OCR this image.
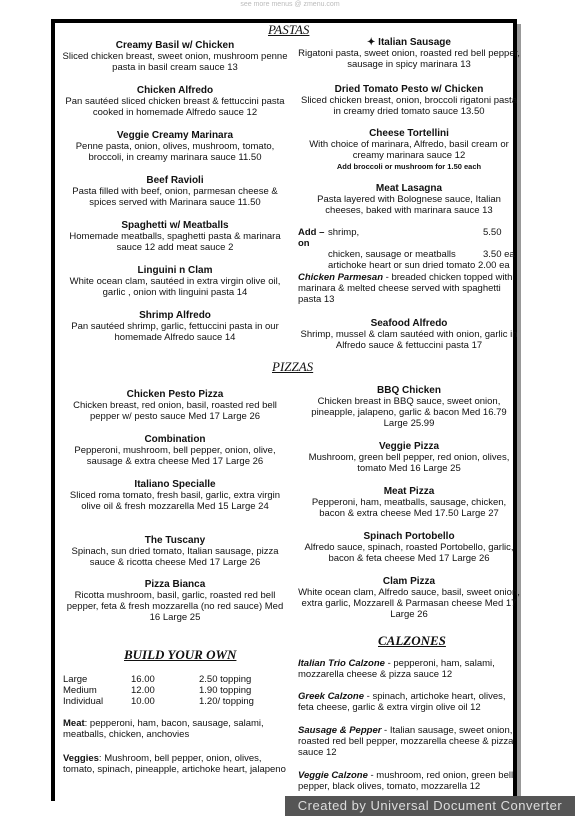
see more menus @ zmenu.com
PASTAS
Creamy Basil w/ Chicken
Sliced chicken breast, sweet onion, mushroom penne pasta in basil cream sauce 13
Chicken Alfredo
Pan sautéed sliced chicken breast & fettuccini pasta cooked in homemade Alfredo sauce 12
Veggie Creamy Marinara
Penne pasta, onion, olives, mushroom, tomato, broccoli, in creamy marinara sauce 11.50
Beef Ravioli
Pasta filled with beef, onion, parmesan cheese & spices served with Marinara sauce 11.50
Spaghetti w/ Meatballs
Homemade meatballs, spaghetti pasta & marinara sauce 12 add meat sauce 2
Linguini n Clam
White ocean clam, sautéed in extra virgin olive oil, garlic , onion with linguini pasta 14
Shrimp Alfredo
Pan sautéed shrimp, garlic, fettuccini pasta in our homemade Alfredo sauce 14
✦ Italian Sausage
Rigatoni pasta, sweet onion, roasted red bell pepper, sausage in spicy marinara 13
Dried Tomato Pesto w/ Chicken
Sliced chicken breast, onion, broccoli rigatoni pasta in creamy dried tomato sauce 13.50
Cheese Tortellini
With choice of marinara, Alfredo, basil cream or creamy marinara sauce 12
Add broccoli or mushroom for 1.50 each
Meat Lasagna
Pasta layered with Bolognese sauce, Italian cheeses, baked with marinara sauce 13
Add –on
shrimp,	5.50
chicken, sausage or meatballs	3.50 ea
artichoke heart or sun dried tomato 2.00 ea
Chicken Parmesan - breaded chicken topped with marinara & melted cheese served with spaghetti pasta 13
Seafood Alfredo
Shrimp, mussel & clam sautéed with onion, garlic in Alfredo sauce & fettuccini pasta 17
PIZZAS
Chicken Pesto Pizza
Chicken breast, red onion, basil, roasted red bell pepper w/ pesto sauce Med 17 Large 26
Combination
Pepperoni, mushroom, bell pepper, onion, olive, sausage & extra cheese Med 17 Large 26
Italiano Specialle
Sliced roma tomato, fresh basil, garlic, extra virgin olive oil & fresh mozzarella Med 15 Large 24
The Tuscany
Spinach, sun dried tomato, Italian sausage, pizza sauce & ricotta cheese Med 17 Large 26
Pizza Bianca
Ricotta mushroom, basil, garlic, roasted red bell pepper, feta & fresh mozzarella (no red sauce) Med 16 Large 25
BBQ Chicken
Chicken breast in BBQ sauce, sweet onion, pineapple, jalapeno, garlic & bacon Med 16.79 Large 25.99
Veggie Pizza
Mushroom, green bell pepper, red onion, olives, tomato Med 16 Large 25
Meat Pizza
Pepperoni, ham, meatballs, sausage, chicken, bacon & extra cheese Med 17.50 Large 27
Spinach Portobello
Alfredo sauce, spinach, roasted Portobello, garlic, bacon & feta cheese Med 17 Large 26
Clam Pizza
White ocean clam, Alfredo sauce, basil, sweet onion, extra garlic, Mozzarell & Parmasan cheese Med 17 Large 26
BUILD YOUR OWN
Large	16.00	2.50 topping
Medium	12.00	1.90 topping
Individual	10.00	1.20/ topping
Meat: pepperoni, ham, bacon, sausage, salami, meatballs, chicken, anchovies
Veggies: Mushroom, bell pepper, onion, olives, tomato, spinach, pineapple, artichoke heart, jalapeno
CALZONES
Italian Trio Calzone - pepperoni, ham, salami, mozzarella cheese & pizza sauce 12
Greek Calzone - spinach, artichoke heart, olives, feta cheese, garlic & extra virgin olive oil 12
Sausage & Pepper - Italian sausage, sweet onion, roasted red bell pepper, mozzarella cheese & pizza sauce 12
Veggie Calzone - mushroom, red onion, green bell pepper, black olives, tomato, mozzarella 12
Created by Universal Document Converter
